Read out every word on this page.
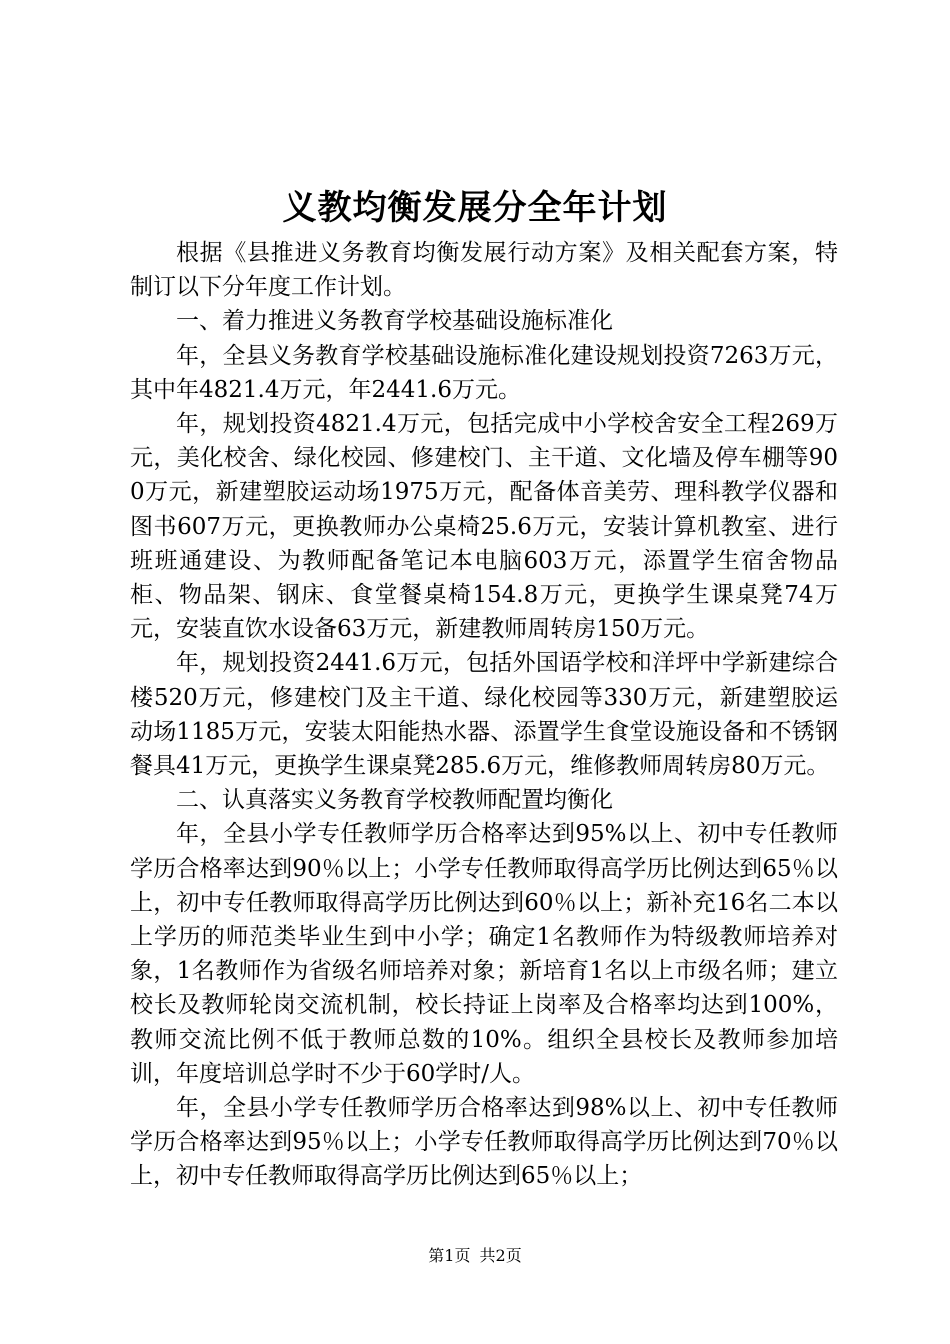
义教均衡发展分全年计划

根据《县推进义务教育均衡发展行动方案》及相关配套方案，特制订以下分年度工作计划。

一、着力推进义务教育学校基础设施标准化

年，全县义务教育学校基础设施标准化建设规划投资7263万元，其中年4821.4万元，年2441.6万元。

年，规划投资4821.4万元，包括完成中小学校舍安全工程269万元，美化校舍、绿化校园、修建校门、主干道、文化墙及停车棚等900万元，新建塑胶运动场1975万元，配备体音美劳、理科教学仪器和图书607万元，更换教师办公桌椅25.6万元，安装计算机教室、进行班班通建设、为教师配备笔记本电脑603万元，添置学生宿舍物品柜、物品架、钢床、食堂餐桌椅154.8万元，更换学生课桌凳74万元，安装直饮水设备63万元，新建教师周转房150万元。

年，规划投资2441.6万元，包括外国语学校和洋坪中学新建综合楼520万元，修建校门及主干道、绿化校园等330万元，新建塑胶运动场1185万元，安装太阳能热水器、添置学生食堂设施设备和不锈钢餐具41万元，更换学生课桌凳285.6万元，维修教师周转房80万元。

二、认真落实义务教育学校教师配置均衡化

年，全县小学专任教师学历合格率达到95%以上、初中专任教师学历合格率达到90％以上；小学专任教师取得高学历比例达到65％以上，初中专任教师取得高学历比例达到60％以上；新补充16名二本以上学历的师范类毕业生到中小学；确定1名教师作为特级教师培养对象，1名教师作为省级名师培养对象；新培育1名以上市级名师；建立校长及教师轮岗交流机制，校长持证上岗率及合格率均达到100%，教师交流比例不低于教师总数的10%。组织全县校长及教师参加培训，年度培训总学时不少于60学时/人。

年，全县小学专任教师学历合格率达到98%以上、初中专任教师学历合格率达到95％以上；小学专任教师取得高学历比例达到70％以上，初中专任教师取得高学历比例达到65％以上；

第1页 共2页
